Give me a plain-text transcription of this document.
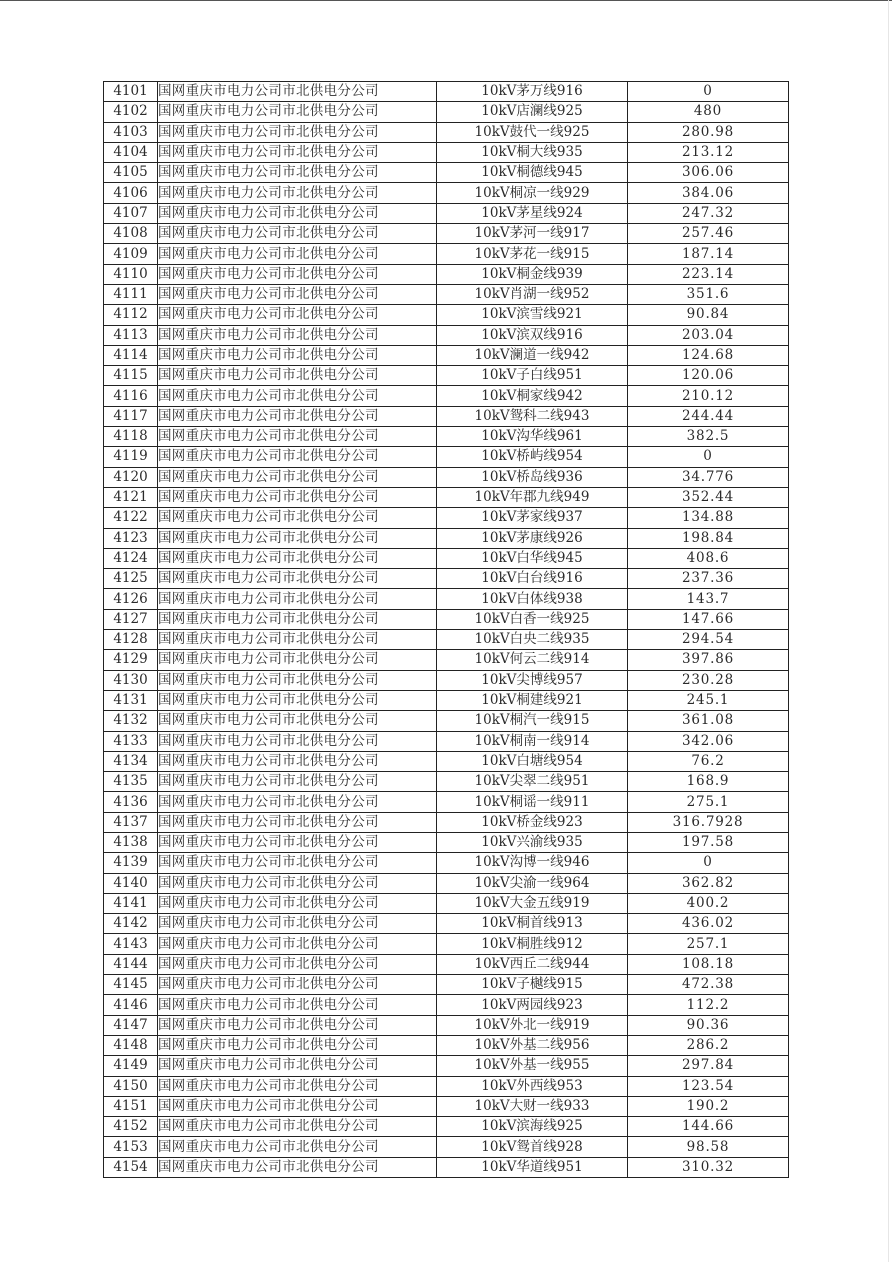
4101	国网重庆市电力公司市北供电分公司	10kV茅万线916	0
4102	国网重庆市电力公司市北供电分公司	10kV店澜线925	480
4103	国网重庆市电力公司市北供电分公司	10kV鼓代一线925	280.98
4104	国网重庆市电力公司市北供电分公司	10kV桐大线935	213.12
4105	国网重庆市电力公司市北供电分公司	10kV桐德线945	306.06
4106	国网重庆市电力公司市北供电分公司	10kV桐凉一线929	384.06
4107	国网重庆市电力公司市北供电分公司	10kV茅星线924	247.32
4108	国网重庆市电力公司市北供电分公司	10kV茅河一线917	257.46
4109	国网重庆市电力公司市北供电分公司	10kV茅花一线915	187.14
4110	国网重庆市电力公司市北供电分公司	10kV桐金线939	223.14
4111	国网重庆市电力公司市北供电分公司	10kV肖湖一线952	351.6
4112	国网重庆市电力公司市北供电分公司	10kV滨雪线921	90.84
4113	国网重庆市电力公司市北供电分公司	10kV滨双线916	203.04
4114	国网重庆市电力公司市北供电分公司	10kV澜道一线942	124.68
4115	国网重庆市电力公司市北供电分公司	10kV子白线951	120.06
4116	国网重庆市电力公司市北供电分公司	10kV桐家线942	210.12
4117	国网重庆市电力公司市北供电分公司	10kV鸳科二线943	244.44
4118	国网重庆市电力公司市北供电分公司	10kV沟华线961	382.5
4119	国网重庆市电力公司市北供电分公司	10kV桥屿线954	0
4120	国网重庆市电力公司市北供电分公司	10kV桥岛线936	34.776
4121	国网重庆市电力公司市北供电分公司	10kV年郡九线949	352.44
4122	国网重庆市电力公司市北供电分公司	10kV茅家线937	134.88
4123	国网重庆市电力公司市北供电分公司	10kV茅康线926	198.84
4124	国网重庆市电力公司市北供电分公司	10kV白华线945	408.6
4125	国网重庆市电力公司市北供电分公司	10kV白台线916	237.36
4126	国网重庆市电力公司市北供电分公司	10kV白体线938	143.7
4127	国网重庆市电力公司市北供电分公司	10kV白香一线925	147.66
4128	国网重庆市电力公司市北供电分公司	10kV白央二线935	294.54
4129	国网重庆市电力公司市北供电分公司	10kV何云二线914	397.86
4130	国网重庆市电力公司市北供电分公司	10kV尖博线957	230.28
4131	国网重庆市电力公司市北供电分公司	10kV桐建线921	245.1
4132	国网重庆市电力公司市北供电分公司	10kV桐汽一线915	361.08
4133	国网重庆市电力公司市北供电分公司	10kV桐南一线914	342.06
4134	国网重庆市电力公司市北供电分公司	10kV白塘线954	76.2
4135	国网重庆市电力公司市北供电分公司	10kV尖翠二线951	168.9
4136	国网重庆市电力公司市北供电分公司	10kV桐谣一线911	275.1
4137	国网重庆市电力公司市北供电分公司	10kV桥金线923	316.7928
4138	国网重庆市电力公司市北供电分公司	10kV兴渝线935	197.58
4139	国网重庆市电力公司市北供电分公司	10kV沟博一线946	0
4140	国网重庆市电力公司市北供电分公司	10kV尖渝一线964	362.82
4141	国网重庆市电力公司市北供电分公司	10kV大金五线919	400.2
4142	国网重庆市电力公司市北供电分公司	10kV桐首线913	436.02
4143	国网重庆市电力公司市北供电分公司	10kV桐胜线912	257.1
4144	国网重庆市电力公司市北供电分公司	10kV西丘二线944	108.18
4145	国网重庆市电力公司市北供电分公司	10kV子樾线915	472.38
4146	国网重庆市电力公司市北供电分公司	10kV两园线923	112.2
4147	国网重庆市电力公司市北供电分公司	10kV外北一线919	90.36
4148	国网重庆市电力公司市北供电分公司	10kV外基二线956	286.2
4149	国网重庆市电力公司市北供电分公司	10kV外基一线955	297.84
4150	国网重庆市电力公司市北供电分公司	10kV外西线953	123.54
4151	国网重庆市电力公司市北供电分公司	10kV大财一线933	190.2
4152	国网重庆市电力公司市北供电分公司	10kV滨海线925	144.66
4153	国网重庆市电力公司市北供电分公司	10kV鸳首线928	98.58
4154	国网重庆市电力公司市北供电分公司	10kV华道线951	310.32
